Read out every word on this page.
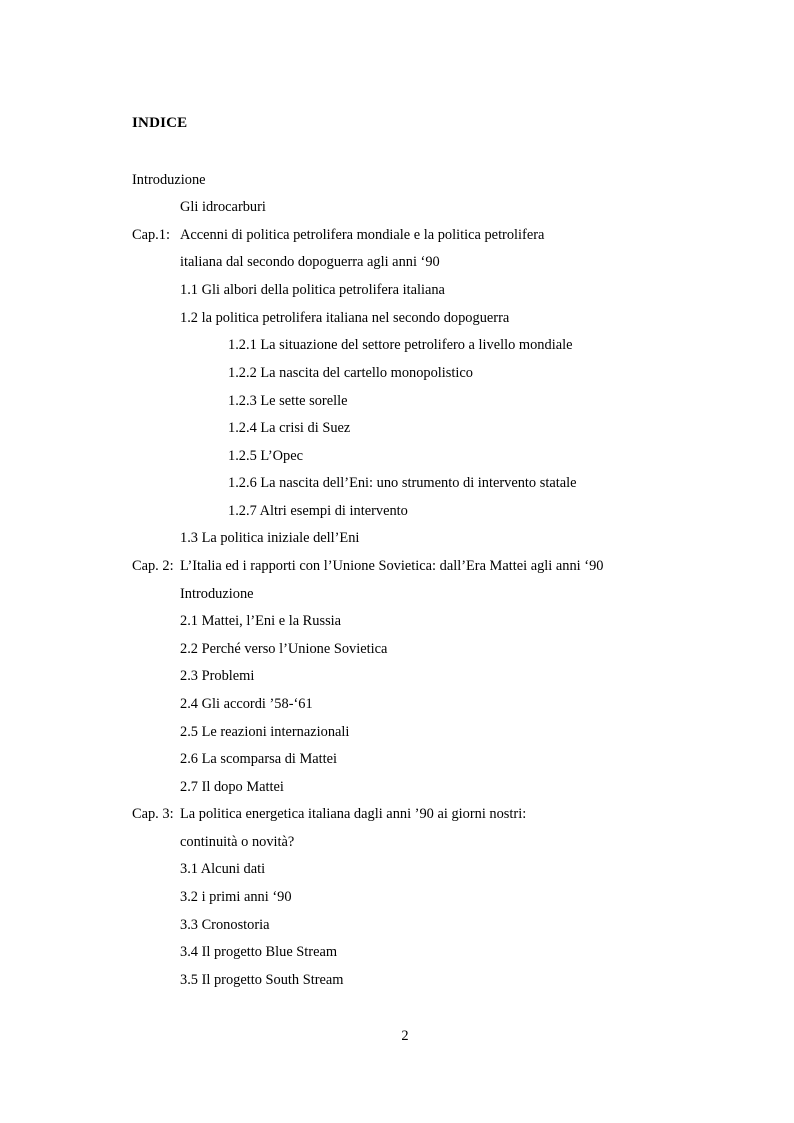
INDICE
Introduzione
Gli idrocarburi
Cap.1: Accenni di politica petrolifera mondiale e la politica petrolifera
italiana dal secondo dopoguerra agli anni ‘90
1.1 Gli albori della politica petrolifera italiana
1.2 la politica petrolifera italiana nel secondo dopoguerra
1.2.1 La situazione del settore petrolifero a livello mondiale
1.2.2 La nascita del cartello monopolistico
1.2.3 Le sette sorelle
1.2.4 La crisi di Suez
1.2.5 L’Opec
1.2.6 La nascita dell’Eni: uno strumento di intervento statale
1.2.7 Altri esempi di intervento
1.3 La politica iniziale dell’Eni
Cap. 2: L’Italia ed i rapporti con l’Unione Sovietica: dall’Era Mattei agli anni ‘90
Introduzione
2.1 Mattei, l’Eni e la Russia
2.2 Perché verso l’Unione Sovietica
2.3 Problemi
2.4 Gli accordi ’58-‘61
2.5 Le reazioni internazionali
2.6 La scomparsa di Mattei
2.7 Il dopo Mattei
Cap. 3: La politica energetica italiana dagli anni ’90 ai giorni nostri:
continuità o novità?
3.1 Alcuni dati
3.2 i primi anni ‘90
3.3 Cronostoria
3.4 Il progetto Blue Stream
3.5 Il progetto South Stream
2
